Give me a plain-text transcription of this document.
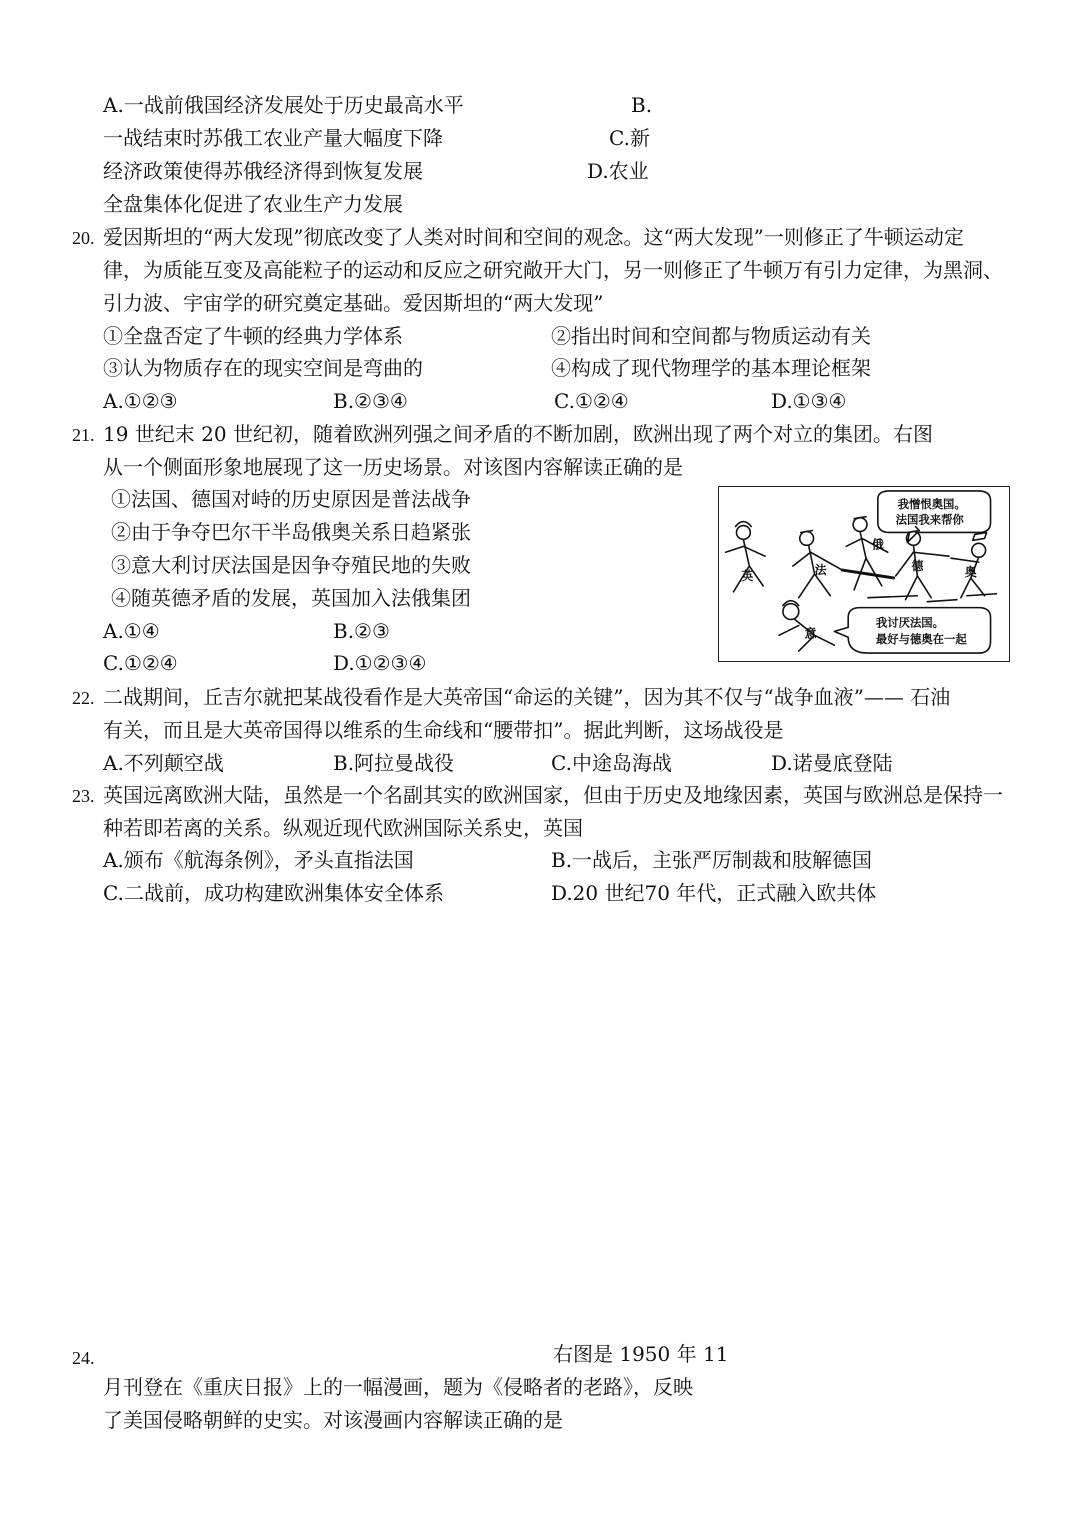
A.一战前俄国经济发展处于历史最高水平	B.
一战结束时苏俄工农业产量大幅度下降	C.新
经济政策使得苏俄经济得到恢复发展	D.农业
全盘集体化促进了农业生产力发展
20. 爱因斯坦的“两大发现”彻底改变了人类对时间和空间的观念。这“两大发现”一则修正了牛顿运动定
律，为质能互变及高能粒子的运动和反应之研究敞开大门，另一则修正了牛顿万有引力定律，为黑洞、
引力波、宇宙学的研究奠定基础。爱因斯坦的“两大发现”
①全盘否定了牛顿的经典力学体系	②指出时间和空间都与物质运动有关
③认为物质存在的现实空间是弯曲的	④构成了现代物理学的基本理论框架
A.①②③	B.②③④	C.①②④	D.①③④
21. 19 世纪末 20 世纪初，随着欧洲列强之间矛盾的不断加剧，欧洲出现了两个对立的集团。右图
从一个侧面形象地展现了这一历史场景。对该图内容解读正确的是
①法国、德国对峙的历史原因是普法战争
②由于争夺巴尔干半岛俄奥关系日趋紧张
③意大利讨厌法国是因争夺殖民地的失败
④随英德矛盾的发展，英国加入法俄集团
A.①④	B.②③
C.①②④	D.①②③④
英	法
俄
德	奥
意
我憎恨奥国。
法国我来帮你
我讨厌法国。
最好与德奥在一起
22. 二战期间，丘吉尔就把某战役看作是大英帝国“命运的关键”，因为其不仅与“战争血液”—— 石油
有关，而且是大英帝国得以维系的生命线和“腰带扣”。据此判断，这场战役是
A.不列颠空战	B.阿拉曼战役	C.中途岛海战	D.诺曼底登陆
23. 英国远离欧洲大陆，虽然是一个名副其实的欧洲国家，但由于历史及地缘因素，英国与欧洲总是保持一
种若即若离的关系。纵观近现代欧洲国际关系史，英国
A.颁布《航海条例》，矛头直指法国	B.一战后，主张严厉制裁和肢解德国
C.二战前，成功构建欧洲集体安全体系	D.20 世纪70 年代，正式融入欧共体
24.	右图是 1950 年 11
月刊登在《重庆日报》上的一幅漫画，题为《侵略者的老路》，反映
了美国侵略朝鲜的史实。对该漫画内容解读正确的是
